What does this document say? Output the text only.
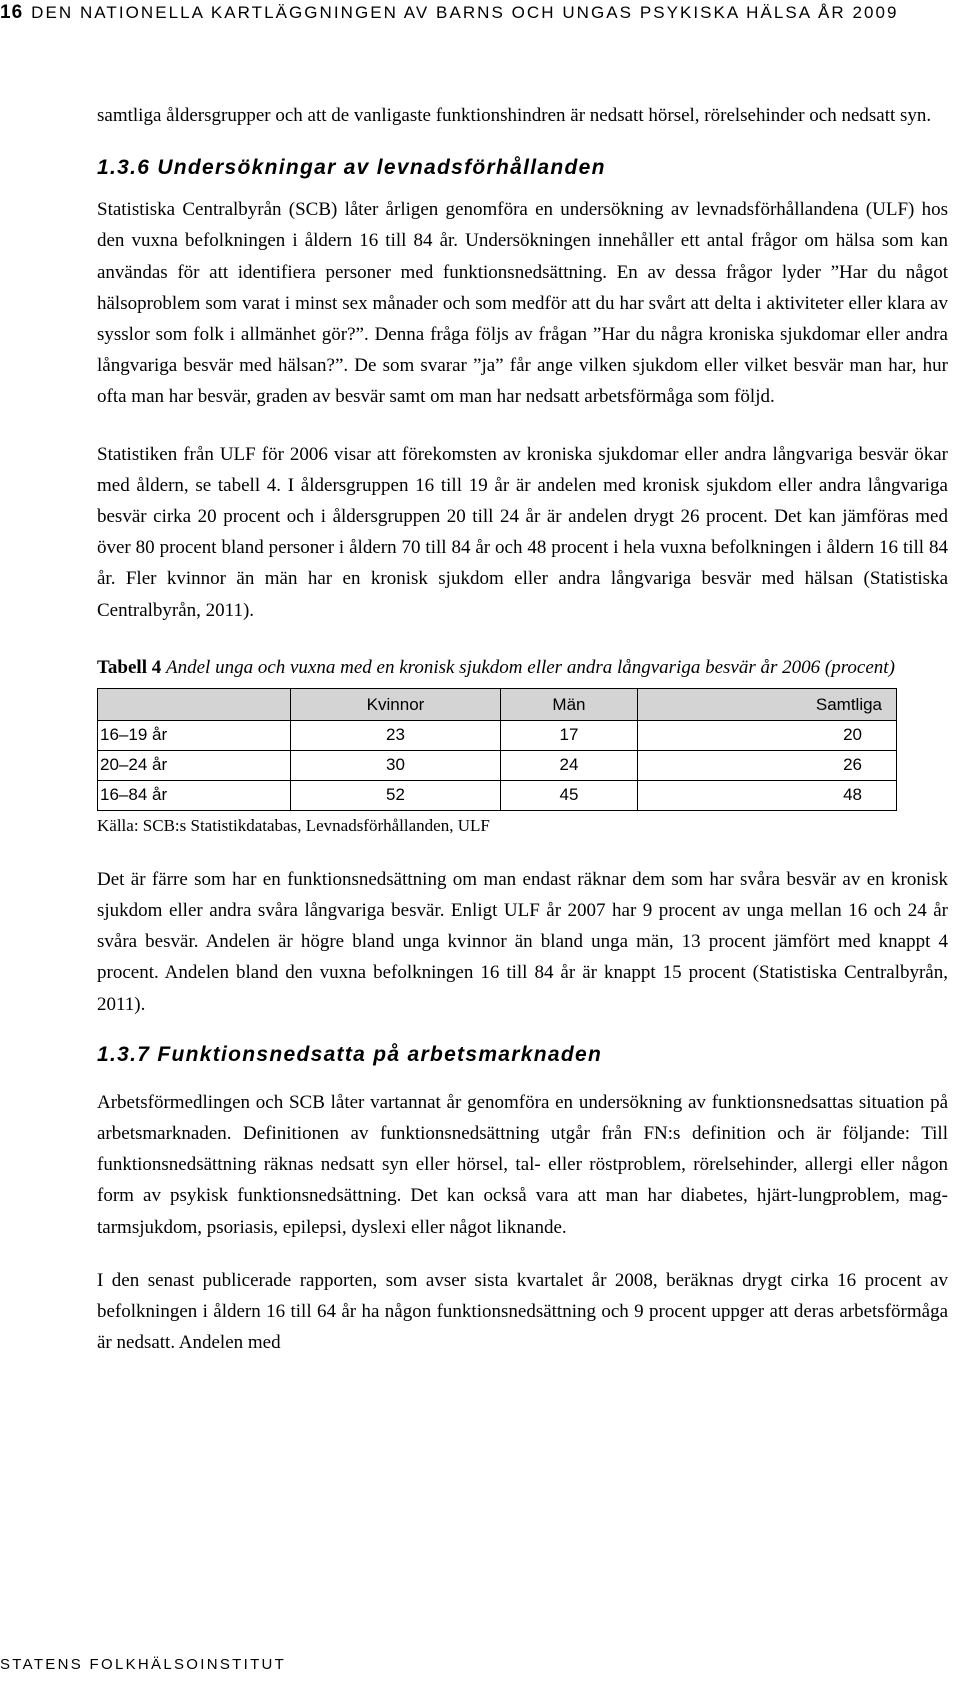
16 DEN NATIONELLA KARTLÄGGNINGEN AV BARNS OCH UNGAS PSYKISKA HÄLSA ÅR 2009

samtliga åldersgrupper och att de vanligaste funktionshindren är nedsatt hörsel, rörelsehinder och nedsatt syn.

1.3.6 Undersökningar av levnadsförhållanden

Statistiska Centralbyrån (SCB) låter årligen genomföra en undersökning av levnadsförhållandena (ULF) hos den vuxna befolkningen i åldern 16 till 84 år. Undersökningen innehåller ett antal frågor om hälsa som kan användas för att identifiera personer med funktionsnedsättning. En av dessa frågor lyder ”Har du något hälsoproblem som varat i minst sex månader och som medför att du har svårt att delta i aktiviteter eller klara av sysslor som folk i allmänhet gör?”. Denna fråga följs av frågan ”Har du några kroniska sjukdomar eller andra långvariga besvär med hälsan?”. De som svarar ”ja” får ange vilken sjukdom eller vilket besvär man har, hur ofta man har besvär, graden av besvär samt om man har nedsatt arbetsförmåga som följd.

Statistiken från ULF för 2006 visar att förekomsten av kroniska sjukdomar eller andra långvariga besvär ökar med åldern, se tabell 4. I åldersgruppen 16 till 19 år är andelen med kronisk sjukdom eller andra långvariga besvär cirka 20 procent och i åldersgruppen 20 till 24 år är andelen drygt 26 procent. Det kan jämföras med över 80 procent bland personer i åldern 70 till 84 år och 48 procent i hela vuxna befolkningen i åldern 16 till 84 år. Fler kvinnor än män har en kronisk sjukdom eller andra långvariga besvär med hälsan (Statistiska Centralbyrån, 2011).

Tabell 4 Andel unga och vuxna med en kronisk sjukdom eller andra långvariga besvär år 2006 (procent)

	Kvinnor	Män	Samtliga
16–19 år	23	17	20
20–24 år	30	24	26
16–84 år	52	45	48

Källa: SCB:s Statistikdatabas, Levnadsförhållanden, ULF

Det är färre som har en funktionsnedsättning om man endast räknar dem som har svåra besvär av en kronisk sjukdom eller andra svåra långvariga besvär. Enligt ULF år 2007 har 9 procent av unga mellan 16 och 24 år svåra besvär. Andelen är högre bland unga kvinnor än bland unga män, 13 procent jämfört med knappt 4 procent. Andelen bland den vuxna befolkningen 16 till 84 år är knappt 15 procent (Statistiska Centralbyrån, 2011).

1.3.7 Funktionsnedsatta på arbetsmarknaden

Arbetsförmedlingen och SCB låter vartannat år genomföra en undersökning av funktionsnedsattas situation på arbetsmarknaden. Definitionen av funktionsnedsättning utgår från FN:s definition och är följande: Till funktionsnedsättning räknas nedsatt syn eller hörsel, tal- eller röstproblem, rörelsehinder, allergi eller någon form av psykisk funktionsnedsättning. Det kan också vara att man har diabetes, hjärt-lungproblem, mag-tarmsjukdom, psoriasis, epilepsi, dyslexi eller något liknande.

I den senast publicerade rapporten, som avser sista kvartalet år 2008, beräknas drygt cirka 16 procent av befolkningen i åldern 16 till 64 år ha någon funktionsnedsättning och 9 procent uppger att deras arbetsförmåga är nedsatt. Andelen med

STATENS FOLKHÄLSOINSTITUT
